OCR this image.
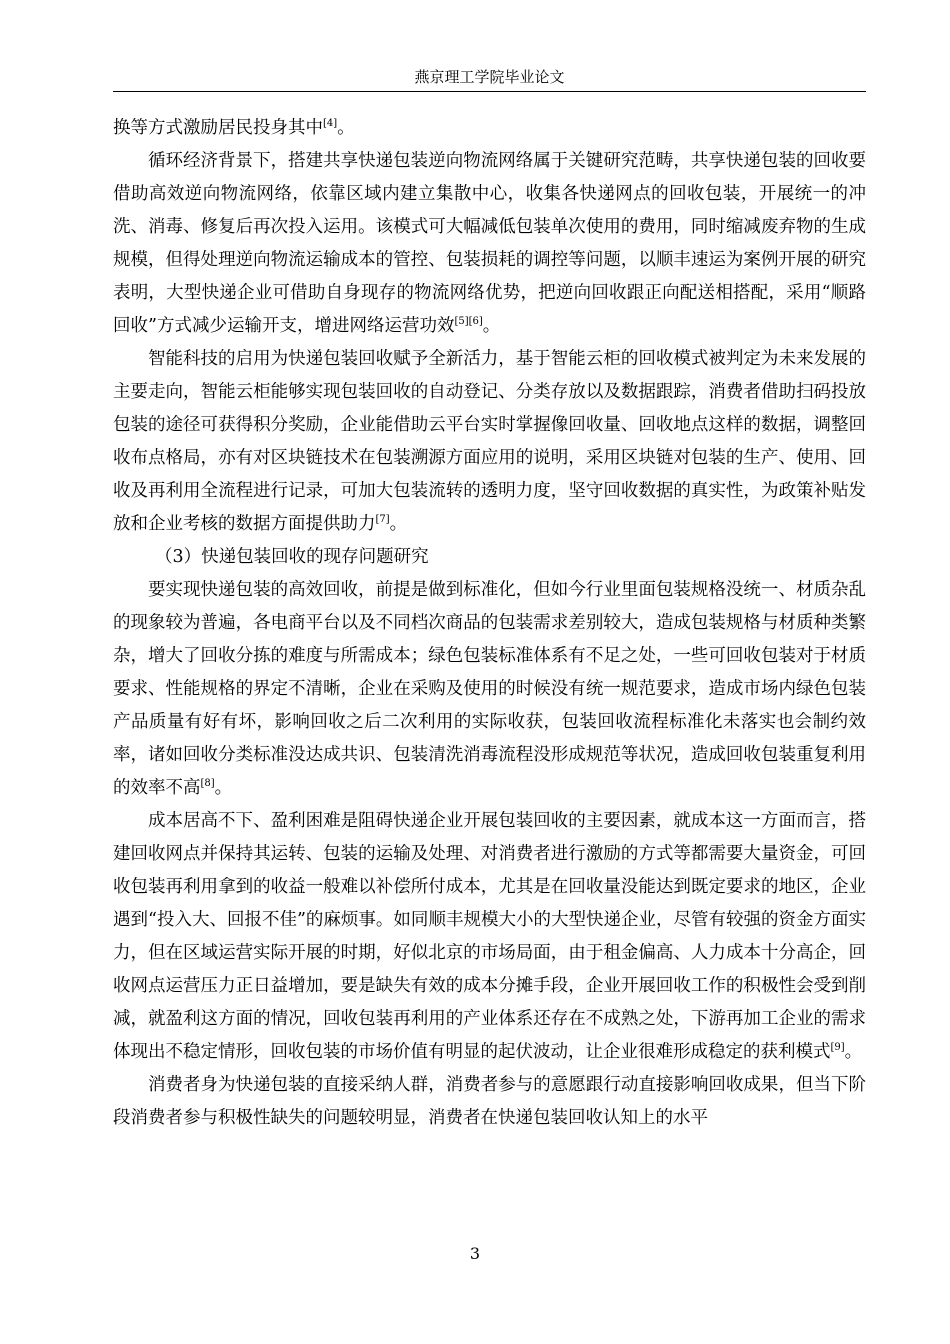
燕京理工学院毕业论文

换等方式激励居民投身其中[4]。

循环经济背景下，搭建共享快递包装逆向物流网络属于关键研究范畴，共享快递包装的回收要借助高效逆向物流网络，依靠区域内建立集散中心，收集各快递网点的回收包装，开展统一的冲洗、消毒、修复后再次投入运用。该模式可大幅减低包装单次使用的费用，同时缩减废弃物的生成规模，但得处理逆向物流运输成本的管控、包装损耗的调控等问题，以顺丰速运为案例开展的研究表明，大型快递企业可借助自身现存的物流网络优势，把逆向回收跟正向配送相搭配，采用“顺路回收”方式减少运输开支，增进网络运营功效[5][6]。

智能科技的启用为快递包装回收赋予全新活力，基于智能云柜的回收模式被判定为未来发展的主要走向，智能云柜能够实现包装回收的自动登记、分类存放以及数据跟踪，消费者借助扫码投放包装的途径可获得积分奖励，企业能借助云平台实时掌握像回收量、回收地点这样的数据，调整回收布点格局，亦有对区块链技术在包装溯源方面应用的说明，采用区块链对包装的生产、使用、回收及再利用全流程进行记录，可加大包装流转的透明力度，坚守回收数据的真实性，为政策补贴发放和企业考核的数据方面提供助力[7]。

（3）快递包装回收的现存问题研究

要实现快递包装的高效回收，前提是做到标准化，但如今行业里面包装规格没统一、材质杂乱的现象较为普遍，各电商平台以及不同档次商品的包装需求差别较大，造成包装规格与材质种类繁杂，增大了回收分拣的难度与所需成本；绿色包装标准体系有不足之处，一些可回收包装对于材质要求、性能规格的界定不清晰，企业在采购及使用的时候没有统一规范要求，造成市场内绿色包装产品质量有好有坏，影响回收之后二次利用的实际收获，包装回收流程标准化未落实也会制约效率，诸如回收分类标准没达成共识、包装清洗消毒流程没形成规范等状况，造成回收包装重复利用的效率不高[8]。

成本居高不下、盈利困难是阻碍快递企业开展包装回收的主要因素，就成本这一方面而言，搭建回收网点并保持其运转、包装的运输及处理、对消费者进行激励的方式等都需要大量资金，可回收包装再利用拿到的收益一般难以补偿所付成本，尤其是在回收量没能达到既定要求的地区，企业遇到“投入大、回报不佳”的麻烦事。如同顺丰规模大小的大型快递企业，尽管有较强的资金方面实力，但在区域运营实际开展的时期，好似北京的市场局面，由于租金偏高、人力成本十分高企，回收网点运营压力正日益增加，要是缺失有效的成本分摊手段，企业开展回收工作的积极性会受到削减，就盈利这方面的情况，回收包装再利用的产业体系还存在不成熟之处，下游再加工企业的需求体现出不稳定情形，回收包装的市场价值有明显的起伏波动，让企业很难形成稳定的获利模式[9]。

消费者身为快递包装的直接采纳人群，消费者参与的意愿跟行动直接影响回收成果，但当下阶段消费者参与积极性缺失的问题较明显，消费者在快递包装回收认知上的水平

3
